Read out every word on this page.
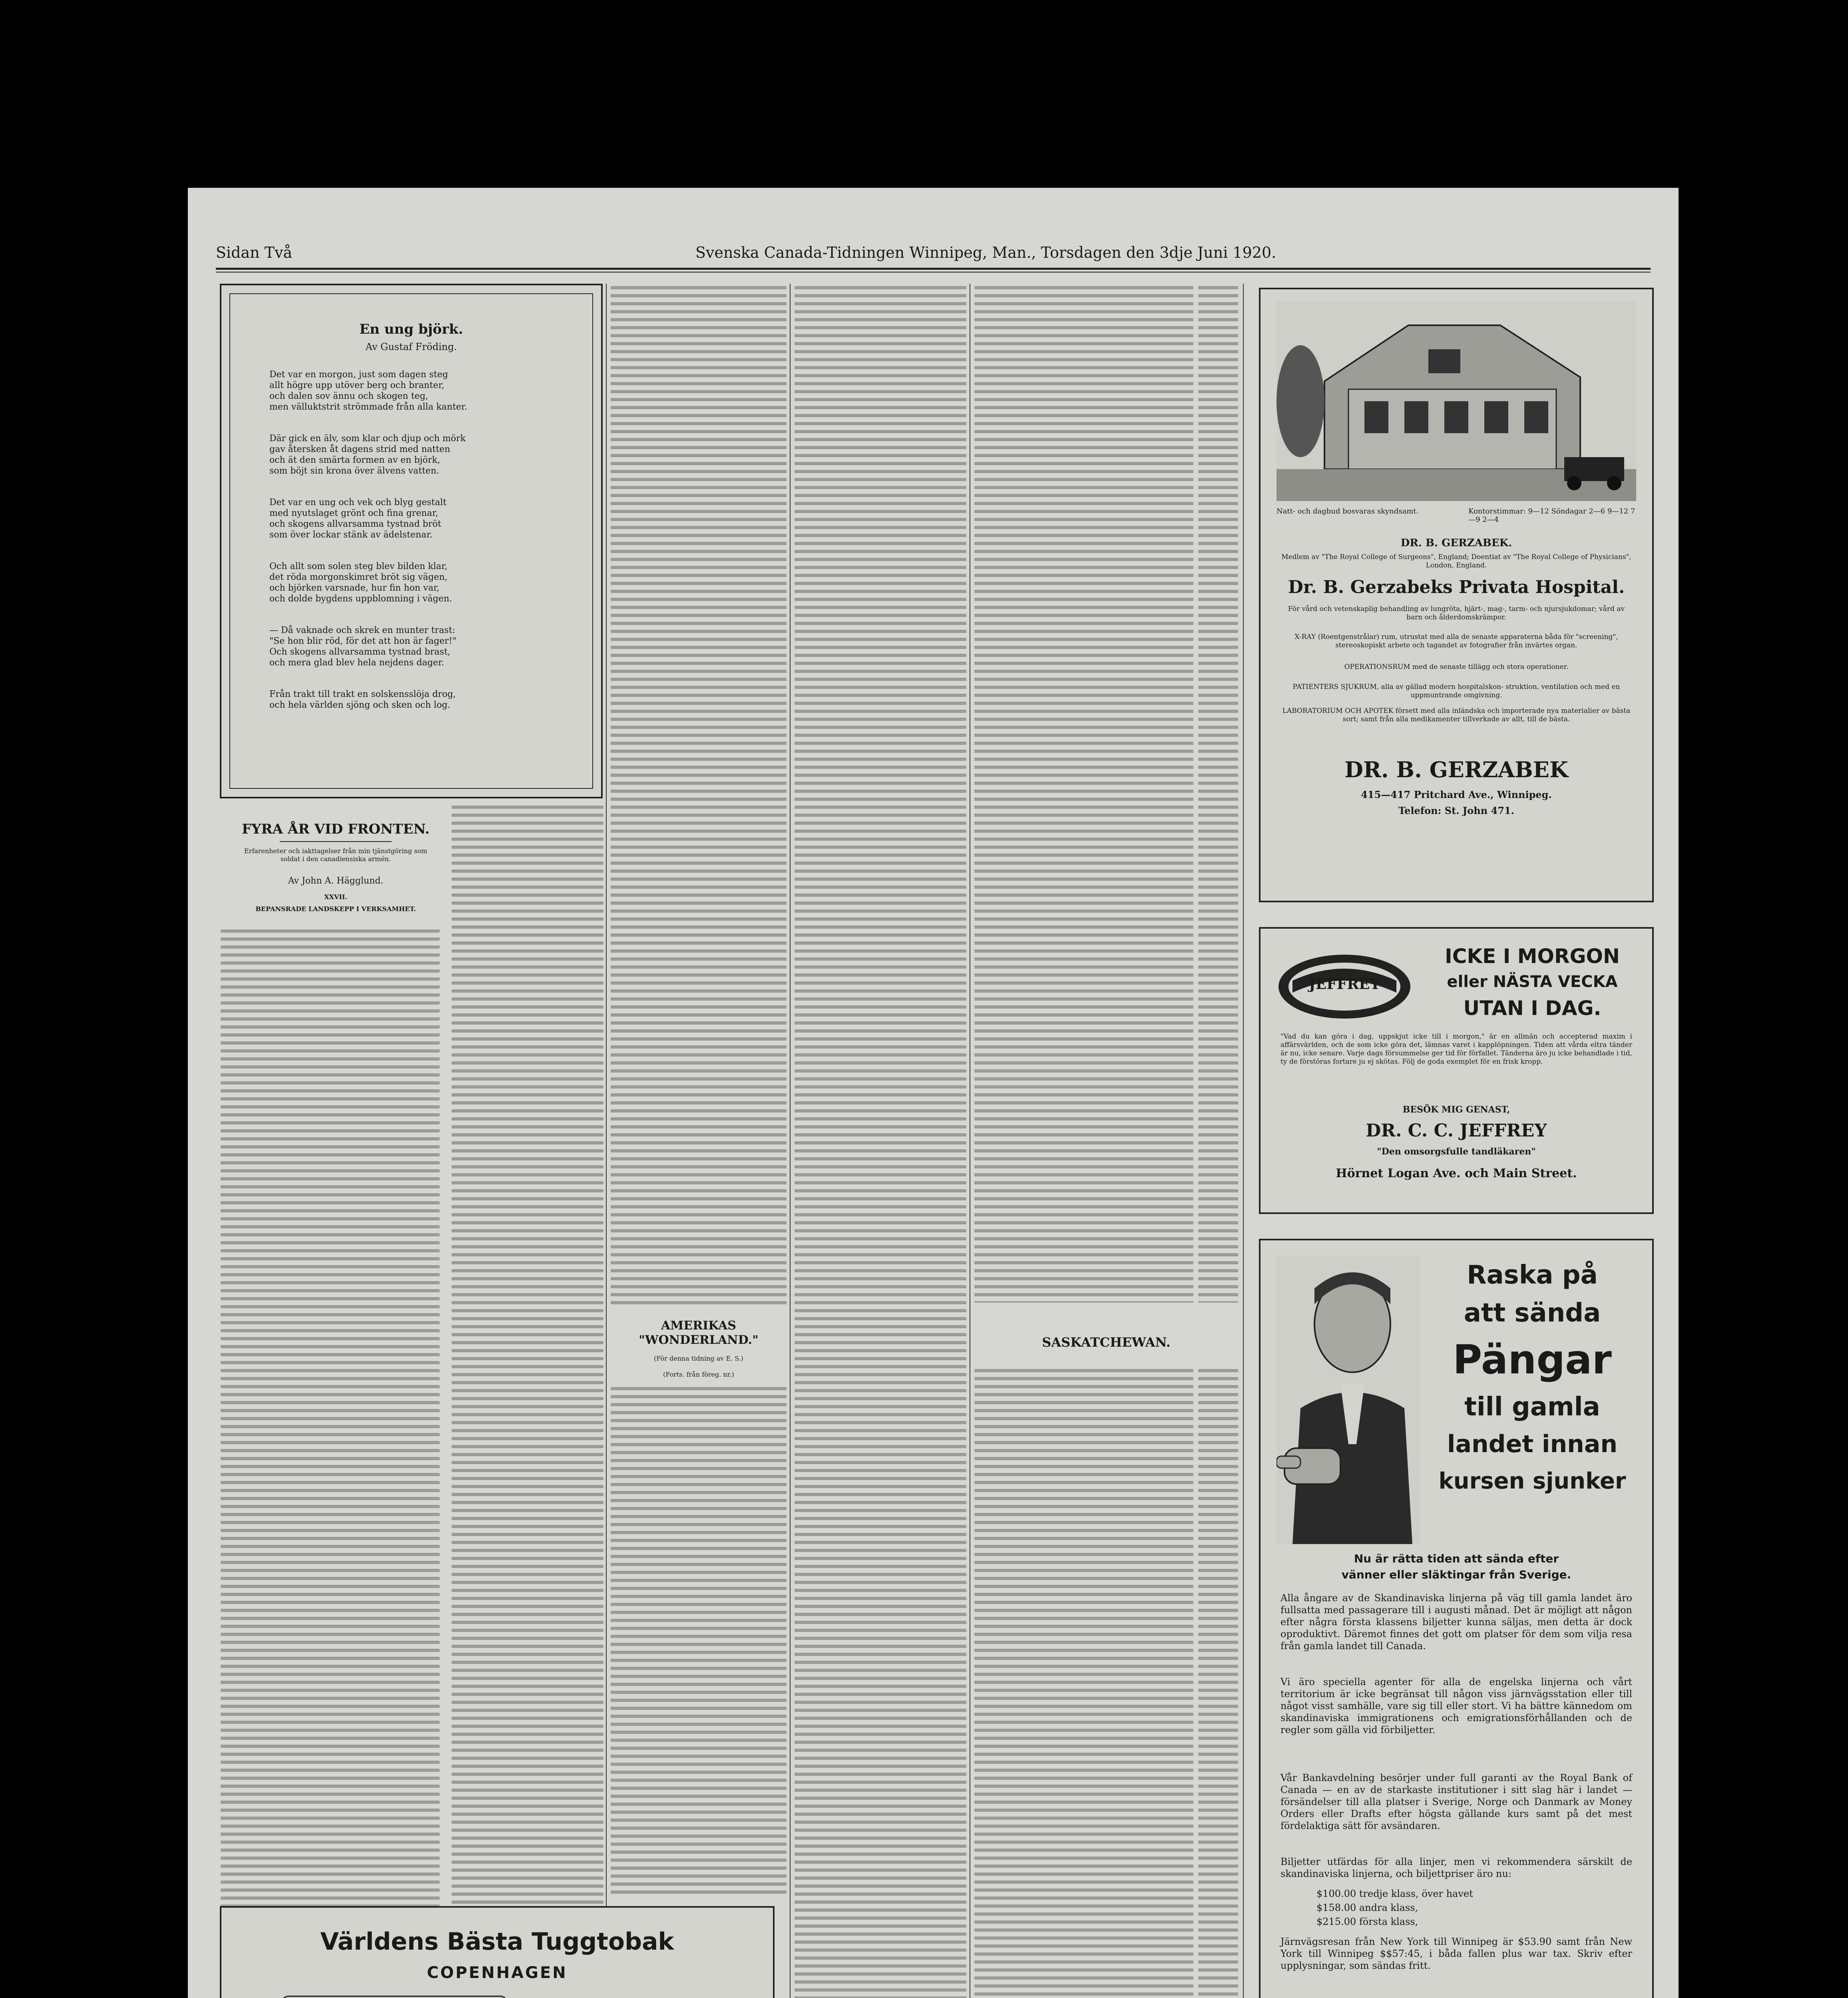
Sidan Två	Svenska Canada-Tidningen Winnipeg, Man., Torsdagen den 3dje Juni 1920.
En ung björk.
Av Gustaf Fröding.
Det var en morgon, just som dagen steg
allt högre upp utöver berg och branter,
och dalen sov ännu och skogen teg,
men välluktstrit strömmade från alla kanter.
Där gick en älv, som klar och djup och mörk
gav återsken åt dagens strid med natten
och ät den smärta formen av en björk,
som böjt sin krona över älvens vatten.
Det var en ung och vek och blyg gestalt
med nyutslaget grönt och fina grenar,
och skogens allvarsamma tystnad bröt
som över lockar stänk av ädelstenar.
Och allt som solen steg blev bilden klar,
det röda morgonskimret bröt sig vägen,
och björken varsnade, hur fin hon var,
och dolde bygdens uppblomning i vägen.
— Då vaknade och skrek en munter trast:
"Se hon blir röd, för det att hon är fager!"
Och skogens allvarsamma tystnad brast,
och mera glad blev hela nejdens dager.
Från trakt till trakt en solskensslöja drog,
och hela världen sjöng och sken och log.
FYRA ÅR VID FRONTEN.
Erfarenheter och iakttagelser från min tjänstgöring som soldat i den canadiensiska armén.
Av John A. Hägglund.
XXVII.
BEPANSRADE LANDSKEPP I VERKSAMHET.
AMERIKAS "WONDERLAND."
(För denna tidning av E. S.)
(Forts. från föreg. nr.)
SASKATCHEWAN.
Världens Bästa Tuggtobak
COPENHAGEN
Natt- och dagbud bosvaras skyndsamt.	Kontorstimmar: 9—12 Söndagar 2—6 9—12 7—9 2—4
DR. B. GERZABEK.
Medlem av "The Royal College of Surgeons", England; Doentiat av "The Royal College of Physicians", London, England.
Dr. B. Gerzabeks Privata Hospital.
För vård och vetenskaplig behandling av lungröta, hjärt-, mag-, tarm- och njursjukdomar; vård av barn och ålderdomskrämpor.
X-RAY (Roentgenstrålar) rum, utrustat med alla de senaste apparaterna båda för "screening", stereoskopiskt arbete och tagandet av fotografier från invärtes organ.
OPERATIONSRUM med de senaste tillägg och stora operationer.
PATIENTERS SJUKRUM, alla av gällad modern hospitalskon- struktion, ventilation och med en uppmuntrande omgivning.
LABORATORIUM OCH APOTEK försett med alla inländska och importerade nya materialier av bästa sort; samt från alla medikamenter tillverkade av allt, till de bästa.
DR. B. GERZABEK
415—417 Pritchard Ave., Winnipeg.
Telefon: St. John 471.
JEFFREY
ICKE I MORGON
eller NÄSTA VECKA
UTAN I DAG.
"Vad du kan göra i dag, uppskjut icke till i morgon," är en allmän och accepterad maxim i affärsvärlden, och de som icke göra det, lämnas varet i kapplöpningen. Tiden att vårda eltra tänder är nu, icke senare. Varje dags försummelse ger tid för förfallet. Tänderna äro ju icke behandlade i tid, ty de förstöras fortare ju ej skötas. Följ de goda exemplet för en frisk kropp.
BESÖK MIG GENAST,
DR. C. C. JEFFREY
"Den omsorgsfulle tandläkaren"
Hörnet Logan Ave. och Main Street.
Raska på
att sända
Pängar
till gamla
landet innan
kursen sjunker
Nu är rätta tiden att sända efter
vänner eller släktingar från Sverige.
Alla ångare av de Skandinaviska linjerna på väg till gamla landet äro fullsatta med passagerare till i augusti månad. Det är möjligt att någon efter några första klassens biljetter kunna säljas, men detta är dock oproduktivt. Däremot finnes det gott om platser för dem som vilja resa från gamla landet till Canada.
Vi äro speciella agenter för alla de engelska linjerna och vårt territorium är icke begränsat till någon viss järnvägsstation eller till något visst samhälle, vare sig till eller stort. Vi ha bättre kännedom om skandinaviska immigrationens och emigrationsförhållanden och de regler som gälla vid förbiljetter.
Vår Bankavdelning besörjer under full garanti av the Royal Bank of Canada — en av de starkaste institutioner i sitt slag här i landet — försändelser till alla platser i Sverige, Norge och Danmark av Money Orders eller Drafts efter högsta gällande kurs samt på det mest fördelaktiga sätt för avsändaren.
Biljetter utfärdas för alla linjer, men vi rekommendera särskilt de skandinaviska linjerna, och biljettpriser äro nu:
$100.00 tredje klass, över havet
$158.00 andra klass,
$215.00 första klass,
Järnvägsresan från New York till Winnipeg är $53.90 samt från New York till Winnipeg $$57:45, i båda fallen plus war tax. Skriv efter upplysningar, som sändas fritt.
